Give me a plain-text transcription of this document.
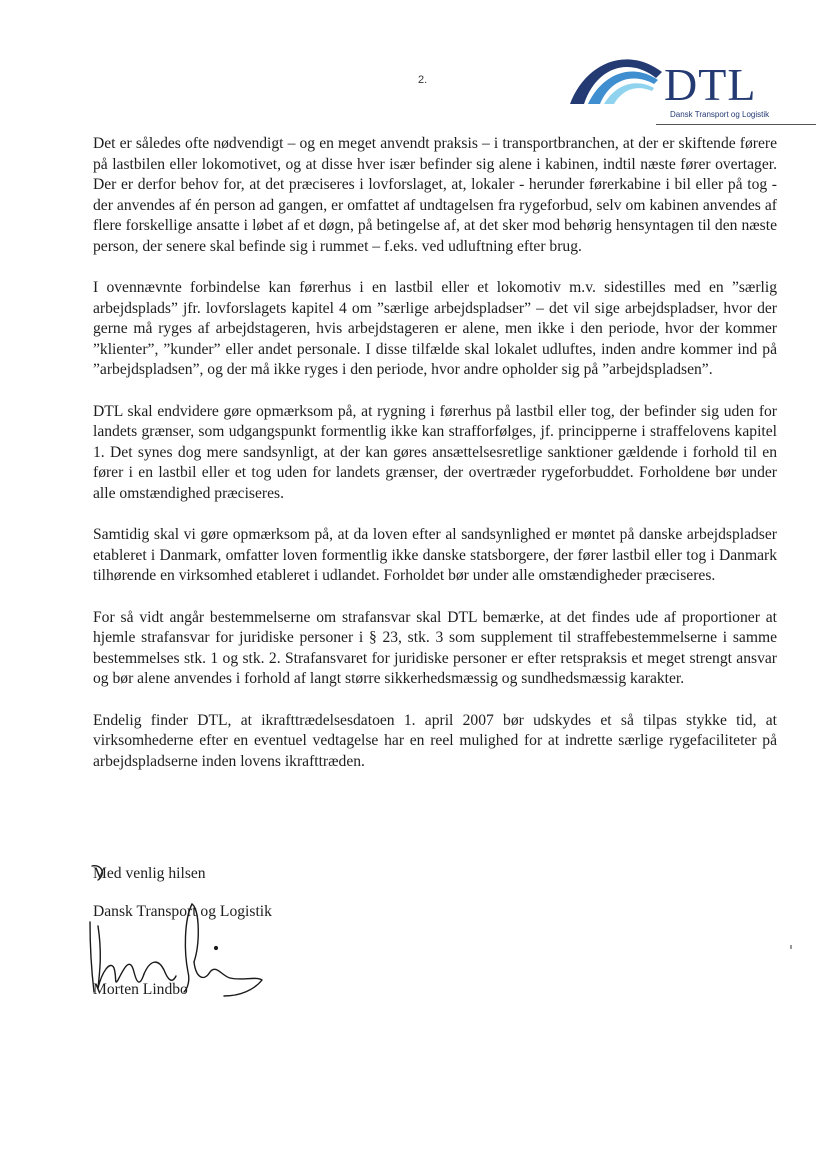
2.	DTL
Dansk Transport og Logistik

Det er således ofte nødvendigt – og en meget anvendt praksis – i transportbranchen, at der er skiftende førere på lastbilen eller lokomotivet, og at disse hver især befinder sig alene i kabinen, indtil næste fører overtager. Der er derfor behov for, at det præciseres i lovforslaget, at, lokaler - herunder førerkabine i bil eller på tog - der anvendes af én person ad gangen, er omfattet af undtagelsen fra rygeforbud, selv om kabinen anvendes af flere forskellige ansatte i løbet af et døgn, på betingelse af, at det sker mod behørig hensyntagen til den næste person, der senere skal befinde sig i rummet – f.eks. ved udluftning efter brug.

I ovennævnte forbindelse kan førerhus i en lastbil eller et lokomotiv m.v. sidestilles med en ”særlig arbejdsplads” jfr. lovforslagets kapitel 4 om ”særlige arbejdspladser” – det vil sige arbejdspladser, hvor der gerne må ryges af arbejdstageren, hvis arbejdstageren er alene, men ikke i den periode, hvor der kommer ”klienter”, ”kunder” eller andet personale. I disse tilfælde skal lokalet udluftes, inden andre kommer ind på ”arbejdspladsen”, og der må ikke ryges i den periode, hvor andre opholder sig på ”arbejdspladsen”.

DTL skal endvidere gøre opmærksom på, at rygning i førerhus på lastbil eller tog, der befinder sig uden for landets grænser, som udgangspunkt formentlig ikke kan strafforfølges, jf. principperne i straffelovens kapitel 1. Det synes dog mere sandsynligt, at der kan gøres ansættelsesretlige sanktioner gældende i forhold til en fører i en lastbil eller et tog uden for landets grænser, der overtræder rygeforbuddet. Forholdene bør under alle omstændighed præciseres.

Samtidig skal vi gøre opmærksom på, at da loven efter al sandsynlighed er møntet på danske arbejdspladser etableret i Danmark, omfatter loven formentlig ikke danske statsborgere, der fører lastbil eller tog i Danmark tilhørende en virksomhed etableret i udlandet. Forholdet bør under alle omstændigheder præciseres.

For så vidt angår bestemmelserne om strafansvar skal DTL bemærke, at det findes ude af proportioner at hjemle strafansvar for juridiske personer i § 23, stk. 3 som supplement til straffebestemmelserne i samme bestemmelses stk. 1 og stk. 2. Strafansvaret for juridiske personer er efter retspraksis et meget strengt ansvar og bør alene anvendes i forhold af langt større sikkerhedsmæssig og sundhedsmæssig karakter.

Endelig finder DTL, at ikrafttrædelsesdatoen 1. april 2007 bør udskydes et så tilpas stykke tid, at virksomhederne efter en eventuel vedtagelse har en reel mulighed for at indrette særlige rygefaciliteter på arbejdspladserne inden lovens ikrafttræden.

Med venlig hilsen
Dansk Transport og Logistik
Morten Lindbo
